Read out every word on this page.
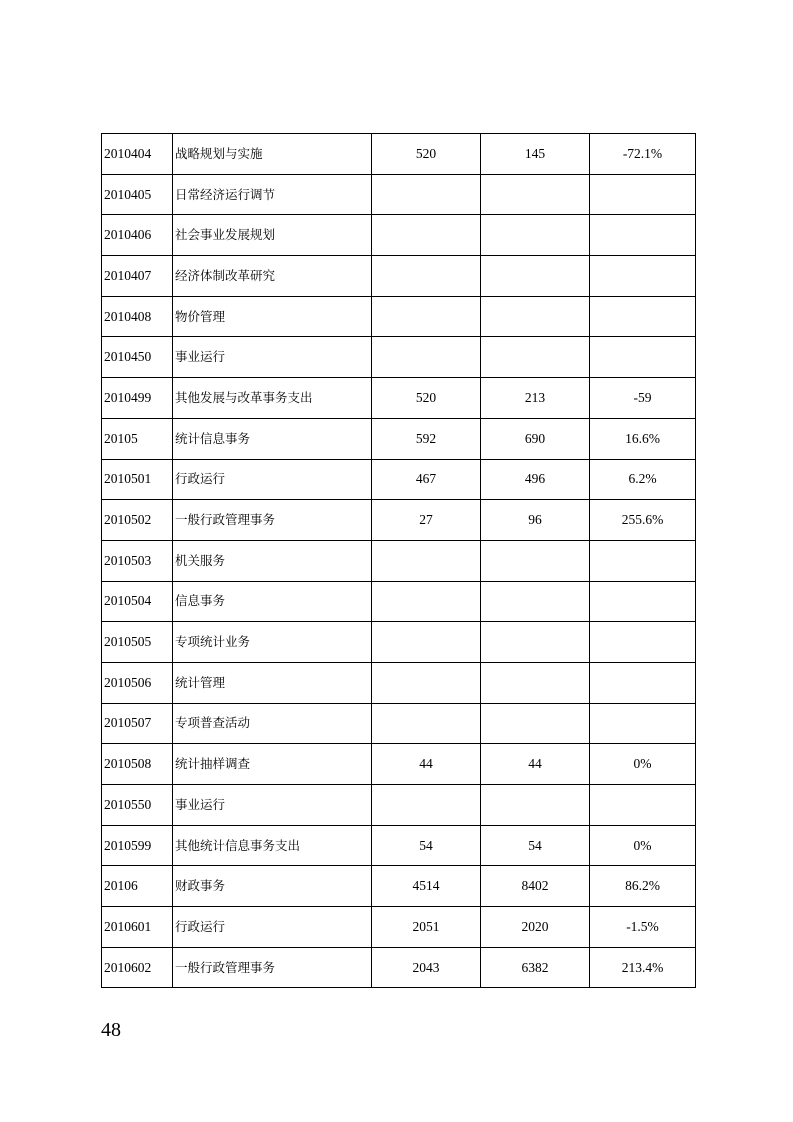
2010404	战略规划与实施	520	145	-72.1%
2010405	日常经济运行调节			
2010406	社会事业发展规划			
2010407	经济体制改革研究			
2010408	物价管理			
2010450	事业运行			
2010499	其他发展与改革事务支出	520	213	-59
20105	统计信息事务	592	690	16.6%
2010501	行政运行	467	496	6.2%
2010502	一般行政管理事务	27	96	255.6%
2010503	机关服务			
2010504	信息事务			
2010505	专项统计业务			
2010506	统计管理			
2010507	专项普查活动			
2010508	统计抽样调查	44	44	0%
2010550	事业运行			
2010599	其他统计信息事务支出	54	54	0%
20106	财政事务	4514	8402	86.2%
2010601	行政运行	2051	2020	-1.5%
2010602	一般行政管理事务	2043	6382	213.4%
48
